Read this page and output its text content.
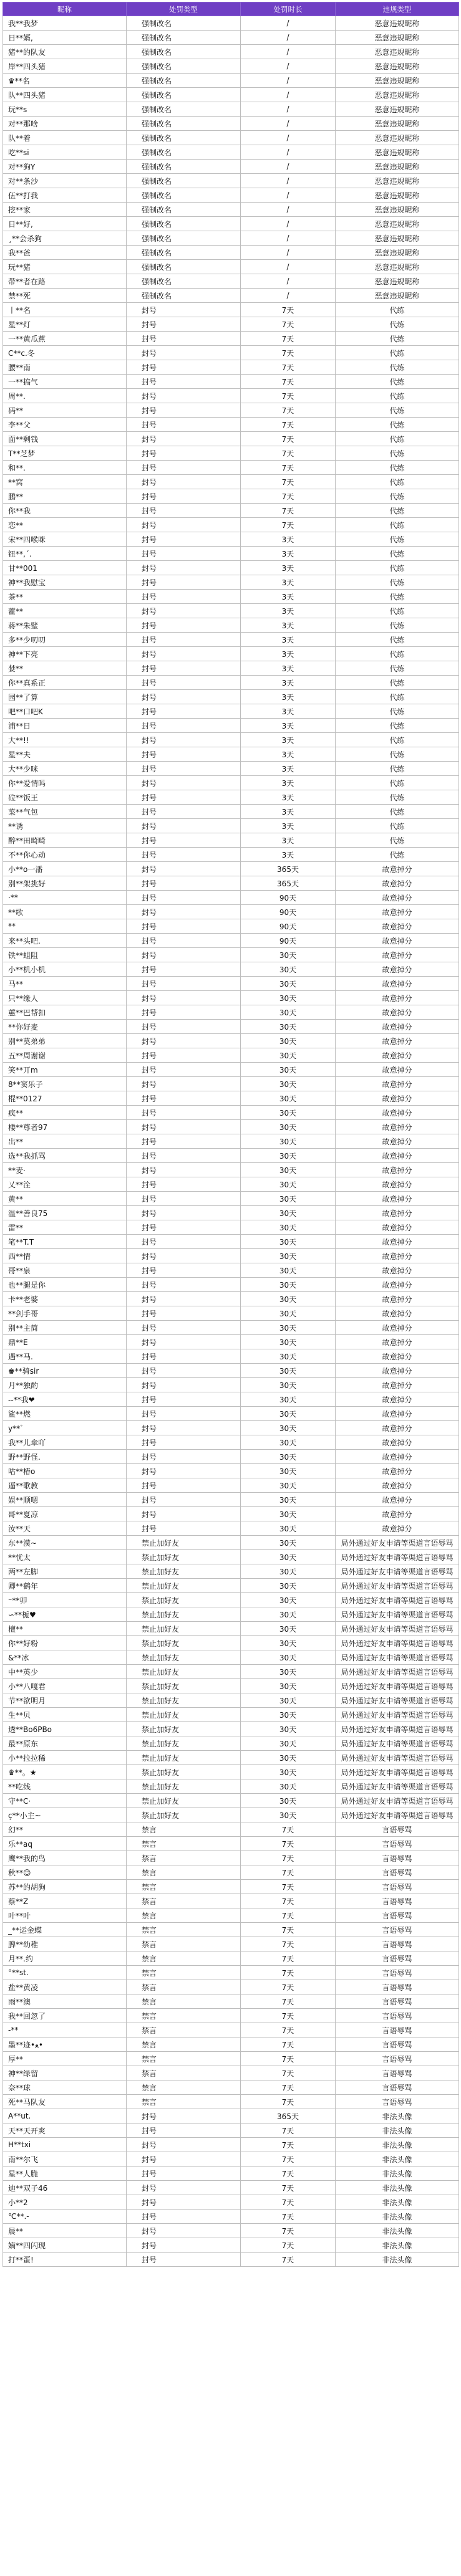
昵称	处罚类型	处罚时长	违规类型
我**我梦	强制改名	/	恶意违规昵称
日**婿,	强制改名	/	恶意违规昵称
猪**的队友	强制改名	/	恶意违规昵称
岸**四头猪	强制改名	/	恶意违规昵称
♛**名	强制改名	/	恶意违规昵称
队**四头猪	强制改名	/	恶意违规昵称
玩**s	强制改名	/	恶意违规昵称
对**那啥	强制改名	/	恶意违规昵称
队**着	强制改名	/	恶意违规昵称
吃**si	强制改名	/	恶意违规昵称
对**狗Y	强制改名	/	恶意违规昵称
对**条沙	强制改名	/	恶意违规昵称
伍**打我	强制改名	/	恶意违规昵称
挖**家	强制改名	/	恶意违规昵称
日**好,	强制改名	/	恶意违规昵称
¸**会杀狗	强制改名	/	恶意违规昵称
我**爸	强制改名	/	恶意违规昵称
玩**猪	强制改名	/	恶意违规昵称
带**者在路	强制改名	/	恶意违规昵称
禁**死	强制改名	/	恶意违规昵称
丨**名	封号	7天	代练
星**灯	封号	7天	代练
一**黄瓜蕉	封号	7天	代练
C**c.冬	封号	7天	代练
腰**南	封号	7天	代练
一**搞气	封号	7天	代练
周**.	封号	7天	代练
码**	封号	7天	代练
李**父	封号	7天	代练
面**剩钱	封号	7天	代练
T**芝梦	封号	7天	代练
和**.	封号	7天	代练
**窝	封号	7天	代练
鹏**	封号	7天	代练
你**我	封号	7天	代练
恋**	封号	7天	代练
宋**四喉咪	封号	3天	代练
钮**,´.	封号	3天	代练
甘**001	封号	3天	代练
神**我慰宝	封号	3天	代练
茶**	封号	3天	代练
藿**	封号	3天	代练
蒋**朱璧	封号	3天	代练
多**少叨叨	封号	3天	代练
神**下亮	封号	3天	代练
婪**	封号	3天	代练
你**真系正	封号	3天	代练
园**了算	封号	3天	代练
吧**口吧K	封号	3天	代练
浦**日	封号	3天	代练
大**!!	封号	3天	代练
星**夫	封号	3天	代练
大**少咪	封号	3天	代练
你**爱情吗	封号	3天	代练
砬**饭王	封号	3天	代练
菜**气包	封号	3天	代练
**诱	封号	3天	代练
醉**田畸畸	封号	3天	代练
不**你心动	封号	3天	代练
小**o一潘	封号	365天	故意掉分
别**架挑好	封号	365天	故意掉分
·**	封号	90天	故意掉分
**歌	封号	90天	故意掉分
**	封号	90天	故意掉分
来**头吧.	封号	90天	故意掉分
铁**蛆阻	封号	30天	故意掉分
小**机小机	封号	30天	故意掉分
马**	封号	30天	故意掉分
只**缘人	封号	30天	故意掉分
蕙**巴帮扣	封号	30天	故意掉分
**你好麦	封号	30天	故意掉分
别**莫弟弟	封号	30天	故意掉分
五**周谢谢	封号	30天	故意掉分
笑**丌m	封号	30天	故意掉分
8**窦乐子	封号	30天	故意掉分
棍**0127	封号	30天	故意掉分
疯**	封号	30天	故意掉分
楼**尊者97	封号	30天	故意掉分
出**	封号	30天	故意掉分
选**我抓骂	封号	30天	故意掉分
**麦·	封号	30天	故意掉分
乂**洤	封号	30天	故意掉分
黄**	封号	30天	故意掉分
温**善良75	封号	30天	故意掉分
雷**	封号	30天	故意掉分
笔**T.T	封号	30天	故意掉分
西**情	封号	30天	故意掉分
哥**泉	封号	30天	故意掉分
也**腿是你	封号	30天	故意掉分
卡**老婆	封号	30天	故意掉分
**剑手哥	封号	30天	故意掉分
别**主简	封号	30天	故意掉分
鼎**E	封号	30天	故意掉分
遇**马.	封号	30天	故意掉分
♚**骑sir	封号	30天	故意掉分
月**独酌	封号	30天	故意掉分
--**我❤	封号	30天	故意掉分
鲨**燃	封号	30天	故意掉分
y**゛	封号	30天	故意掉分
我**儿傘吖	封号	30天	故意掉分
野**野怪.	封号	30天	故意掉分
咕**椿o	封号	30天	故意掉分
逼**歌教	封号	30天	故意掉分
娱**顺嗯	封号	30天	故意掉分
哥**夏凉	封号	30天	故意掉分
汝**天	封号	30天	故意掉分
东**漠~	禁止加好友	30天	局外通过好友申请等渠道言语辱骂
**忧太	禁止加好友	30天	局外通过好友申请等渠道言语辱骂
两**左脚	禁止加好友	30天	局外通过好友申请等渠道言语辱骂
卿**鹤年	禁止加好友	30天	局外通过好友申请等渠道言语辱骂
⁻**卯	禁止加好友	30天	局外通过好友申请等渠道言语辱骂
∽**栀♥	禁止加好友	30天	局外通过好友申请等渠道言语辱骂
檀**	禁止加好友	30天	局外通过好友申请等渠道言语辱骂
你**好粉	禁止加好友	30天	局外通过好友申请等渠道言语辱骂
&**冰	禁止加好友	30天	局外通过好友申请等渠道言语辱骂
中**英少	禁止加好友	30天	局外通过好友申请等渠道言语辱骂
小**八嘎君	禁止加好友	30天	局外通过好友申请等渠道言语辱骂
节**欲明月	禁止加好友	30天	局外通过好友申请等渠道言语辱骂
生**贝	禁止加好友	30天	局外通过好友申请等渠道言语辱骂
透**Bo6PBo	禁止加好友	30天	局外通过好友申请等渠道言语辱骂
最**原东	禁止加好友	30天	局外通过好友申请等渠道言语辱骂
小**拉拉稀	禁止加好友	30天	局外通过好友申请等渠道言语辱骂
♛**。★	禁止加好友	30天	局外通过好友申请等渠道言语辱骂
**吃线	禁止加好友	30天	局外通过好友申请等渠道言语辱骂
守**C·	禁止加好友	30天	局外通过好友申请等渠道言语辱骂
ç**小主~	禁止加好友	30天	局外通过好友申请等渠道言语辱骂
幻**	禁言	7天	言语辱骂
乐**aq	禁言	7天	言语辱骂
鹰**我的鸟	禁言	7天	言语辱骂
秋**☺	禁言	7天	言语辱骂
苏**的胡狗	禁言	7天	言语辱骂
蔡**Z	禁言	7天	言语辱骂
叶**叶	禁言	7天	言语辱骂
_**运金蝶	禁言	7天	言语辱骂
脾**幼稚	禁言	7天	言语辱骂
月**.约	禁言	7天	言语辱骂
°**st.	禁言	7天	言语辱骂
盐**黄凌	禁言	7天	言语辱骂
雨**澳	禁言	7天	言语辱骂
我**回忽了	禁言	7天	言语辱骂
-**	禁言	7天	言语辱骂
墨**迹•ﻌ•	禁言	7天	言语辱骂
厚**	禁言	7天	言语辱骂
神**绿留	禁言	7天	言语辱骂
奈**球	禁言	7天	言语辱骂
死**马队友	禁言	7天	言语辱骂
A**ut.	封号	365天	非法头像
天**天开爽	封号	7天	非法头像
H**txi	封号	7天	非法头像
南**尔飞	封号	7天	非法头像
星**人脆	封号	7天	非法头像
迪**双子46	封号	7天	非法头像
小**2	封号	7天	非法头像
℃**.-	封号	7天	非法头像
晨**	封号	7天	非法头像
嫡**四闪现	封号	7天	非法头像
打**蛋!	封号	7天	非法头像
